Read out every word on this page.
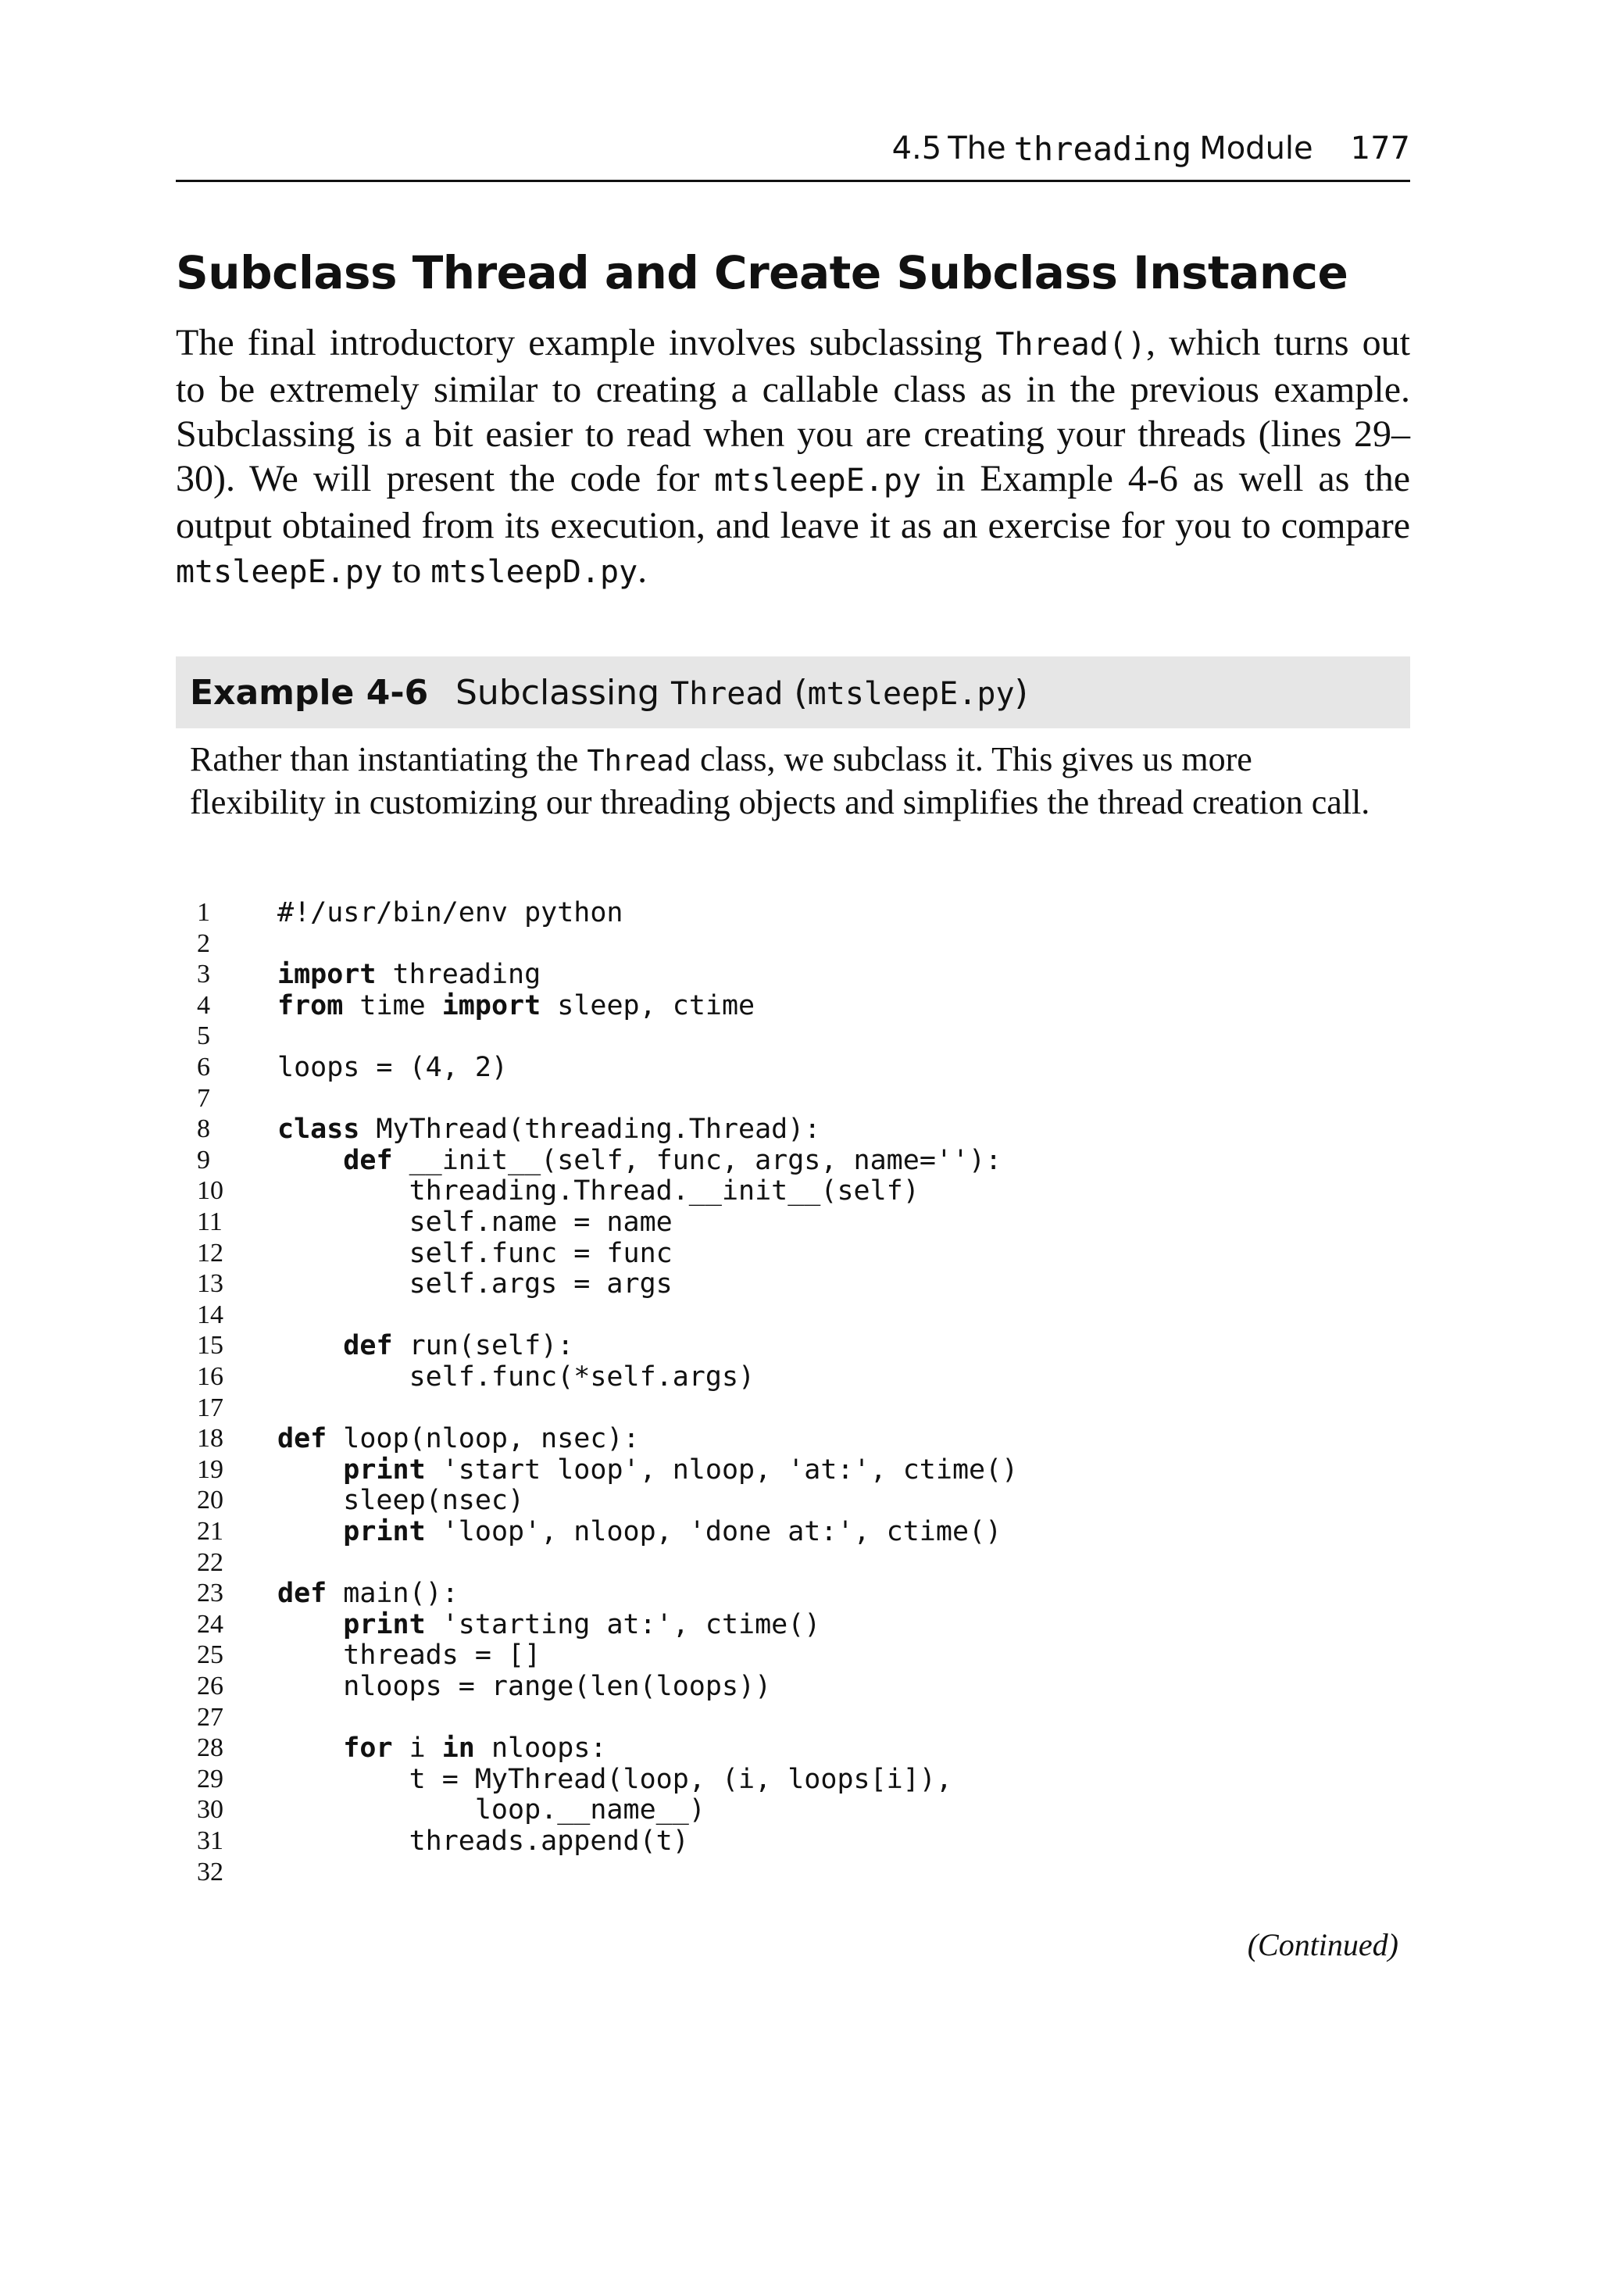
4.5 The threading Module 177
Subclass Thread and Create Subclass Instance

The final introductory example involves subclassing Thread(), which turns out to be extremely similar to creating a callable class as in the previous example. Subclassing is a bit easier to read when you are creating your threads (lines 29–30). We will present the code for mtsleepE.py in Example 4-6 as well as the output obtained from its execution, and leave it as an exercise for you to compare mtsleepE.py to mtsleepD.py.

Example 4-6 Subclassing Thread (mtsleepE.py)

Rather than instantiating the Thread class, we subclass it. This gives us more flexibility in customizing our threading objects and simplifies the thread creation call.

1	#!/usr/bin/env python
2
3	import threading
4	from time import sleep, ctime
5
6	loops = (4, 2)
7
8	class MyThread(threading.Thread):
9	def __init__(self, func, args, name=''):
10	threading.Thread.__init__(self)
11	self.name = name
12	self.func = func
13	self.args = args
14
15	def run(self):
16	self.func(*self.args)
17
18	def loop(nloop, nsec):
19	print 'start loop', nloop, 'at:', ctime()
20	sleep(nsec)
21	print 'loop', nloop, 'done at:', ctime()
22
23	def main():
24	print 'starting at:', ctime()
25	threads = []
26	nloops = range(len(loops))
27
28	for i in nloops:
29	t = MyThread(loop, (i, loops[i]),
30	loop.__name__)
31	threads.append(t)
32
(Continued)
